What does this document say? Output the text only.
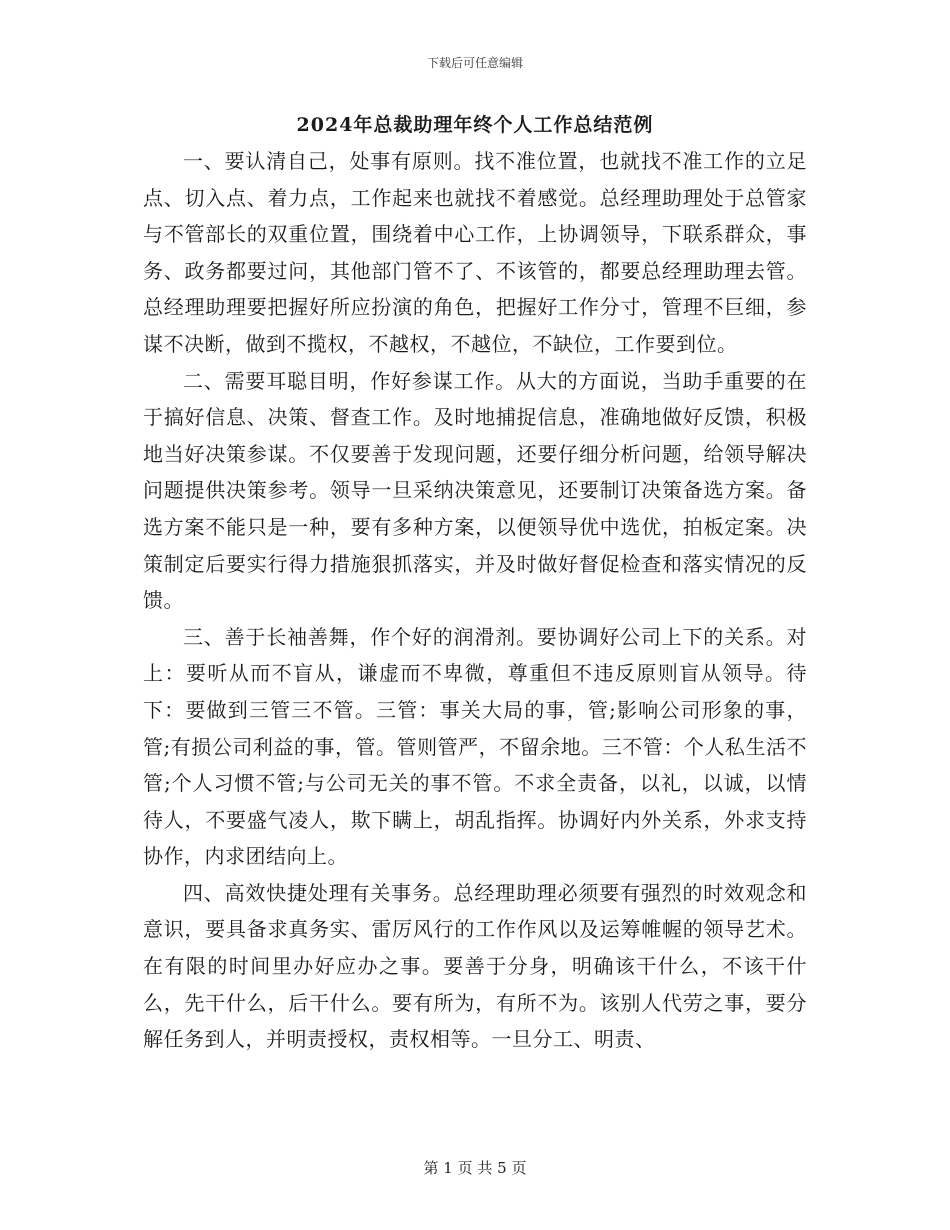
下载后可任意编辑
2024年总裁助理年终个人工作总结范例

一、要认清自己，处事有原则。找不准位置，也就找不准工作的立足点、切入点、着力点，工作起来也就找不着感觉。总经理助理处于总管家与不管部长的双重位置，围绕着中心工作，上协调领导，下联系群众，事务、政务都要过问，其他部门管不了、不该管的，都要总经理助理去管。总经理助理要把握好所应扮演的角色，把握好工作分寸，管理不巨细，参谋不决断，做到不揽权，不越权，不越位，不缺位，工作要到位。

二、需要耳聪目明，作好参谋工作。从大的方面说，当助手重要的在于搞好信息、决策、督查工作。及时地捕捉信息，准确地做好反馈，积极地当好决策参谋。不仅要善于发现问题，还要仔细分析问题，给领导解决问题提供决策参考。领导一旦采纳决策意见，还要制订决策备选方案。备选方案不能只是一种，要有多种方案，以便领导优中选优，拍板定案。决策制定后要实行得力措施狠抓落实，并及时做好督促检查和落实情况的反馈。

三、善于长袖善舞，作个好的润滑剂。要协调好公司上下的关系。对上：要听从而不盲从，谦虚而不卑微，尊重但不违反原则盲从领导。待下：要做到三管三不管。三管：事关大局的事，管;影响公司形象的事，管;有损公司利益的事，管。管则管严，不留余地。三不管：个人私生活不管;个人习惯不管;与公司无关的事不管。不求全责备，以礼，以诚，以情待人，不要盛气凌人，欺下瞒上，胡乱指挥。协调好内外关系，外求支持协作，内求团结向上。

四、高效快捷处理有关事务。总经理助理必须要有强烈的时效观念和意识，要具备求真务实、雷厉风行的工作作风以及运筹帷幄的领导艺术。在有限的时间里办好应办之事。要善于分身，明确该干什么，不该干什么，先干什么，后干什么。要有所为，有所不为。该别人代劳之事，要分解任务到人，并明责授权，责权相等。一旦分工、明责、

第 1 页 共 5 页
